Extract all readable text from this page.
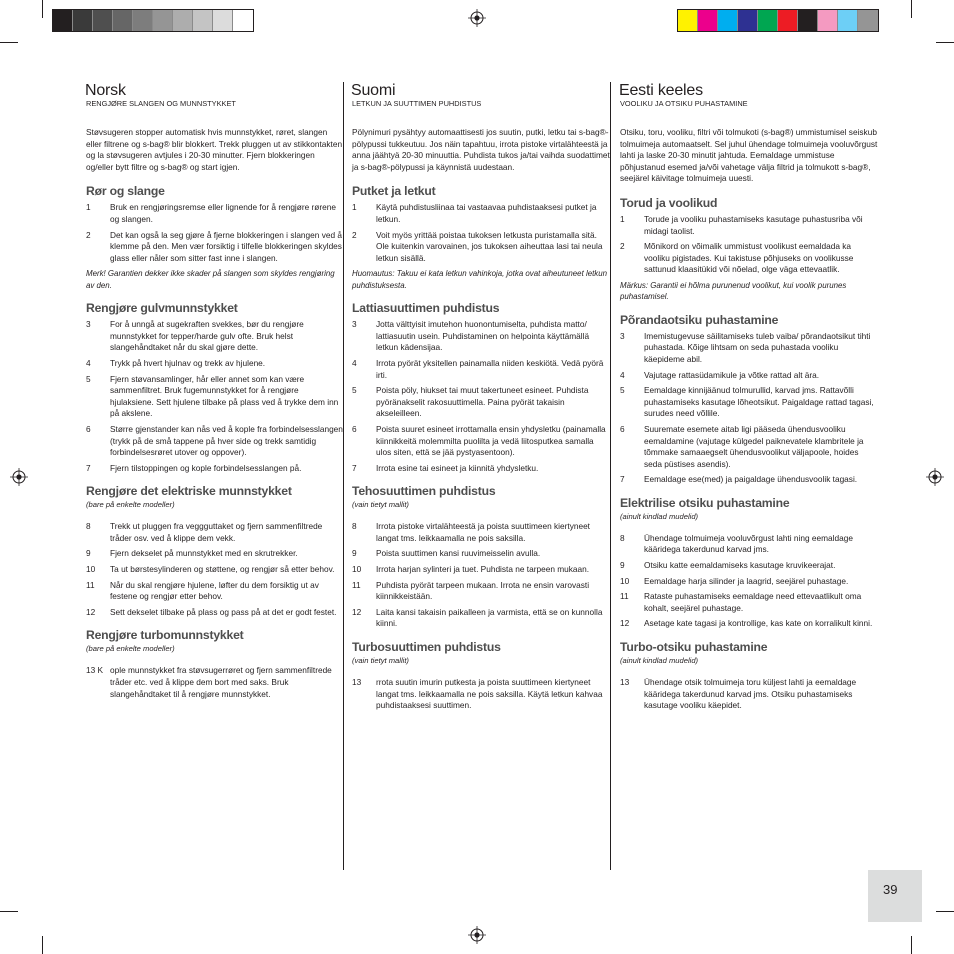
Norsk
RENGJØRE SLANGEN OG MUNNSTYKKET

Støvsugeren stopper automatisk hvis munnstykket, røret, slangen eller filtrene og s-bag® blir blokkert. Trekk pluggen ut av stikkontakten og la støvsugeren avtjules i 20-30 minutter. Fjern blokkeringen og/eller bytt filtre og s-bag® og start igjen.

Rør og slange
1	Bruk en rengjøringsremse eller lignende for å rengjøre rørene og slangen.
2	Det kan også la seg gjøre å fjerne blokkeringen i slangen ved å klemme på den. Men vær forsiktig i tilfelle blokkeringen skyldes glass eller nåler som sitter fast inne i slangen.

Merk! Garantien dekker ikke skader på slangen som skyldes rengjøring av den.

Rengjøre gulvmunnstykket
3	For å unngå at sugekraften svekkes, bør du rengjøre munnstykket for tepper/harde gulv ofte. Bruk helst slangehåndtaket når du skal gjøre dette.
4	Trykk på hvert hjulnav og trekk av hjulene.
5	Fjern støvansamlinger, hår eller annet som kan være sammenfiltret. Bruk fugemunnstykket for å rengjøre hjulaksiene. Sett hjulene tilbake på plass ved å trykke dem inn på akslene.
6	Større gjenstander kan nås ved å kople fra forbindelsesslangen (trykk på de små tappene på hver side og trekk samtidig forbindelsesrøret utover og oppover).
7	Fjern tilstoppingen og kople forbindelsesslangen på.
Rengjøre det elektriske munnstykket
(bare på enkelte modeller)
8	Trekk ut pluggen fra veggguttaket og fjern sammenfiltrede tråder osv. ved å klippe dem vekk.
9	Fjern dekselet på munnstykket med en skrutrekker.
10	Ta ut børstesylinderen og støttene, og rengjør så etter behov.
11	Når du skal rengjøre hjulene, løfter du dem forsiktig ut av festene og rengjør etter behov.
12	Sett dekselet tilbake på plass og pass på at det er godt festet.
Rengjøre turbomunnstykket
(bare på enkelte modeller)
13 K ople munnstykket fra støvsugerrøret og fjern sammenfiltrede tråder etc. ved å klippe dem bort med saks. Bruk slangehåndtaket til å rengjøre munnstykket.
Suomi
LETKUN JA SUUTTIMEN PUHDISTUS

Pölynimuri pysähtyy automaattisesti jos suutin, putki, letku tai s-bag®-pölypussi tukkeutuu. Jos näin tapahtuu, irrota pistoke virtalähteestä ja anna jäähtyä 20-30 minuuttia. Puhdista tukos ja/tai vaihda suodattimet ja s-bag®-pölypussi ja käynnistä uudestaan.

Putket ja letkut
1	Käytä puhdistusliinaa tai vastaavaa puhdistaaksesi putket ja letkun.
2	Voit myös yrittää poistaa tukoksen letkusta puristamalla sitä. Ole kuitenkin varovainen, jos tukoksen aiheuttaa lasi tai neula letkun sisällä.

Huomautus: Takuu ei kata letkun vahinkoja, jotka ovat aiheutuneet letkun puhdistuksesta.

Lattiasuuttimen puhdistus
3	Jotta välttyisit imutehon huonontumiselta, puhdista matto/ lattiasuutin usein. Puhdistaminen on helpointa käyttämällä letkun kädensijaa.
4	Irrota pyörät yksitellen painamalla niiden keskiötä. Vedä pyörä irti.
5	Poista pöly, hiukset tai muut takertuneet esineet. Puhdista pyöränakselit rakosuuttimella. Paina pyörät takaisin akseleilleen.
6	Poista suuret esineet irrottamalla ensin yhdysletku (painamalla kiinnikkeitä molemmilta puolilta ja vedä liitosputkea samalla ulos siten, että se jää pystyasentoon).
7	Irrota esine tai esineet ja kiinnitä yhdysletku.
Tehosuuttimen puhdistus
(vain tietyt mallit)
8	Irrota pistoke virtalähteestä ja poista suuttimeen kiertyneet langat tms. leikkaamalla ne pois saksilla.
9	Poista suuttimen kansi ruuvimeisselin avulla.
10	Irrota harjan sylinteri ja tuet. Puhdista ne tarpeen mukaan.
11	Puhdista pyörät tarpeen mukaan. Irrota ne ensin varovasti kiinnikkeistään.
12	Laita kansi takaisin paikalleen ja varmista, että se on kunnolla kiinni.
Turbosuuttimen puhdistus
(vain tietyt mallit)
13	rrota suutin imurin putkesta ja poista suuttimeen kiertyneet langat tms. leikkaamalla ne pois saksilla. Käytä letkun kahvaa puhdistaaksesi suuttimen.
Eesti keeles
VOOLIKU JA OTSIKU PUHASTAMINE

Otsiku, toru, vooliku, filtri või tolmukoti (s-bag®) ummistumisel seiskub tolmuimeja automaatselt. Sel juhul ühendage tolmuimeja vooluvõrgust lahti ja laske 20-30 minutit jahtuda. Eemaldage ummistuse põhjustanud esemed ja/või vahetage välja filtrid ja tolmukott s-bag®, seejärel käivitage tolmuimeja uuesti.

Torud ja voolikud
1	Torude ja vooliku puhastamiseks kasutage puhastusriba või midagi taolist.
2	Mõnikord on võimalik ummistust voolikust eemaldada ka vooliku pigistades. Kui takistuse põhjuseks on voolikusse sattunud klaasitükid või nõelad, olge väga ettevaatlik.

Märkus: Garantii ei hõlma purunenud voolikut, kui voolik purunes puhastamisel.

Põrandaotsiku puhastamine
3	Imemistugevuse säilitamiseks tuleb vaiba/ põrandaotsikut tihti puhastada. Kõige lihtsam on seda puhastada vooliku käepideme abil.
4	Vajutage rattasüdamikule ja võtke rattad alt ära.
5	Eemaldage kinnijäänud tolmurullid, karvad jms. Rattavõlli puhastamiseks kasutage lõheotsikut. Paigaldage rattad tagasi, surudes need võllile.
6	Suuremate esemete aitab ligi pääseda ühendusvooliku eemaldamine (vajutage külgedel paiknevatele klambritele ja tõmmake samaaegselt ühendusvoolikut väljapoole, hoides seda püstises asendis).
7	Eemaldage ese(med) ja paigaldage ühendusvoolik tagasi.
Elektrilise otsiku puhastamine
(ainult kindlad mudelid)
8	Ühendage tolmuimeja vooluvõrgust lahti ning eemaldage kääridega takerdunud karvad jms.
9	Otsiku katte eemaldamiseks kasutage kruvikeerajat.
10	Eemaldage harja silinder ja laagrid, seejärel puhastage.
11	Rataste puhastamiseks eemaldage need ettevaatlikult oma kohalt, seejärel puhastage.
12	Asetage kate tagasi ja kontrollige, kas kate on korralikult kinni.
Turbo-otsiku puhastamine
(ainult kindlad mudelid)
13	Ühendage otsik tolmuimeja toru küljest lahti ja eemaldage kääridega takerdunud karvad jms. Otsiku puhastamiseks kasutage vooliku käepidet.
39
